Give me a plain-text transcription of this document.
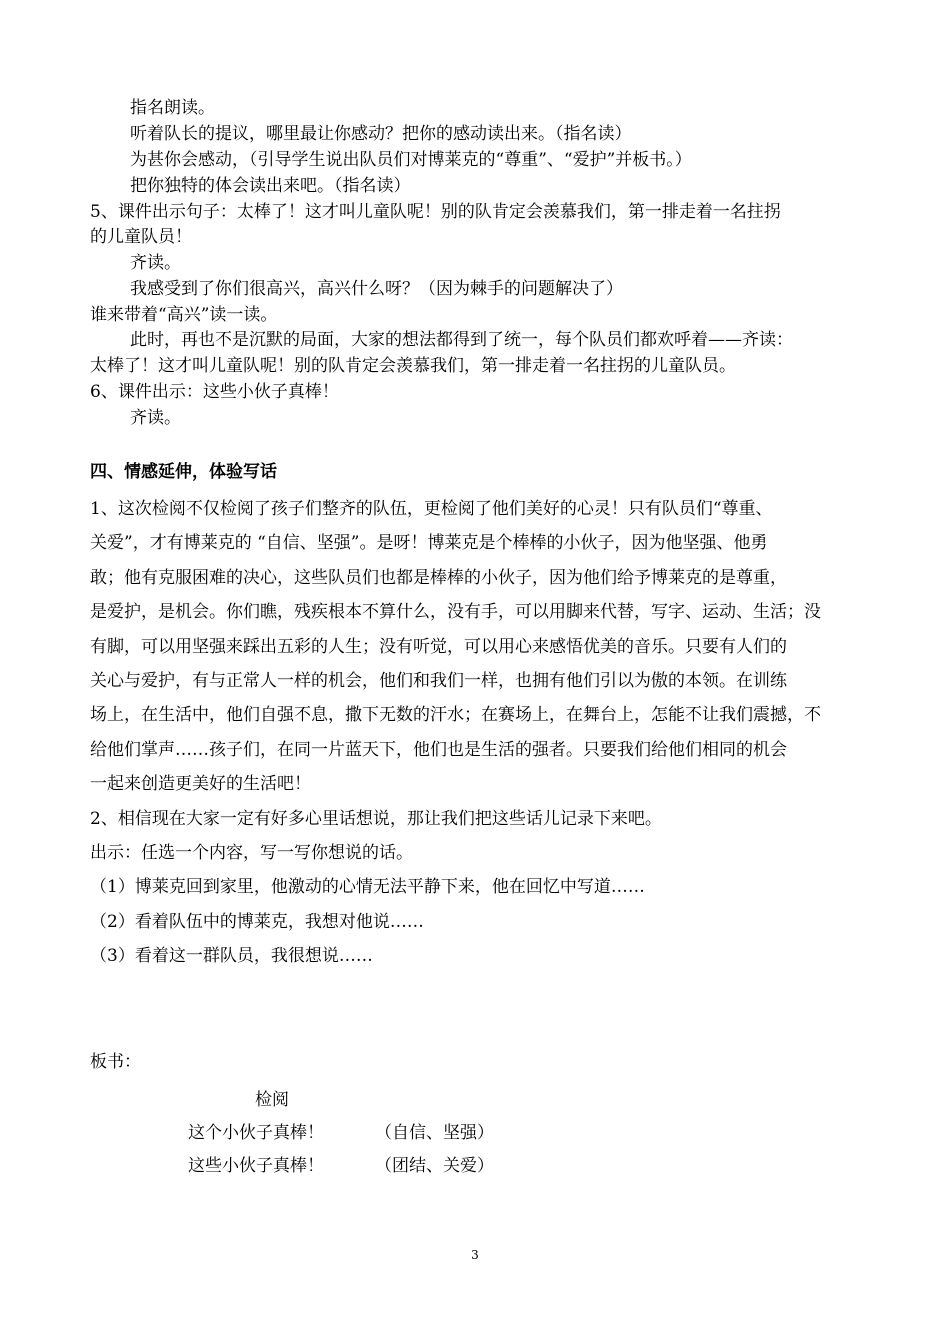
指名朗读。
听着队长的提议，哪里最让你感动？把你的感动读出来。（指名读）
为甚你会感动，（引导学生说出队员们对博莱克的“尊重”、“爱护”并板书。）
把你独特的体会读出来吧。（指名读）
5、课件出示句子：太棒了！这才叫儿童队呢！别的队肯定会羡慕我们，第一排走着一名拄拐
的儿童队员！
齐读。
我感受到了你们很高兴，高兴什么呀？（因为棘手的问题解决了）
谁来带着“高兴”读一读。
此时，再也不是沉默的局面，大家的想法都得到了统一，每个队员们都欢呼着——齐读：
太棒了！这才叫儿童队呢！别的队肯定会羡慕我们，第一排走着一名拄拐的儿童队员。
6、课件出示：这些小伙子真棒！
齐读。
四、情感延伸，体验写话
1、这次检阅不仅检阅了孩子们整齐的队伍，更检阅了他们美好的心灵！只有队员们“尊重、
关爱”，才有博莱克的 “自信、坚强”。是呀！博莱克是个棒棒的小伙子，因为他坚强、他勇
敢；他有克服困难的决心，这些队员们也都是棒棒的小伙子，因为他们给予博莱克的是尊重，
是爱护，是机会。你们瞧，残疾根本不算什么，没有手，可以用脚来代替，写字、运动、生活；没
有脚，可以用坚强来踩出五彩的人生；没有听觉，可以用心来感悟优美的音乐。只要有人们的
关心与爱护，有与正常人一样的机会，他们和我们一样，也拥有他们引以为傲的本领。在训练
场上，在生活中，他们自强不息，撒下无数的汗水；在赛场上，在舞台上，怎能不让我们震撼，不
给他们掌声……孩子们，在同一片蓝天下，他们也是生活的强者。只要我们给他们相同的机会
一起来创造更美好的生活吧！
2、相信现在大家一定有好多心里话想说，那让我们把这些话儿记录下来吧。
出示：任选一个内容，写一写你想说的话。
（1）博莱克回到家里，他激动的心情无法平静下来，他在回忆中写道……
（2）看着队伍中的博莱克，我想对他说……
（3）看着这一群队员，我很想说……
板书：
检阅
这个小伙子真棒！	（自信、坚强）
这些小伙子真棒！	（团结、关爱）
3
